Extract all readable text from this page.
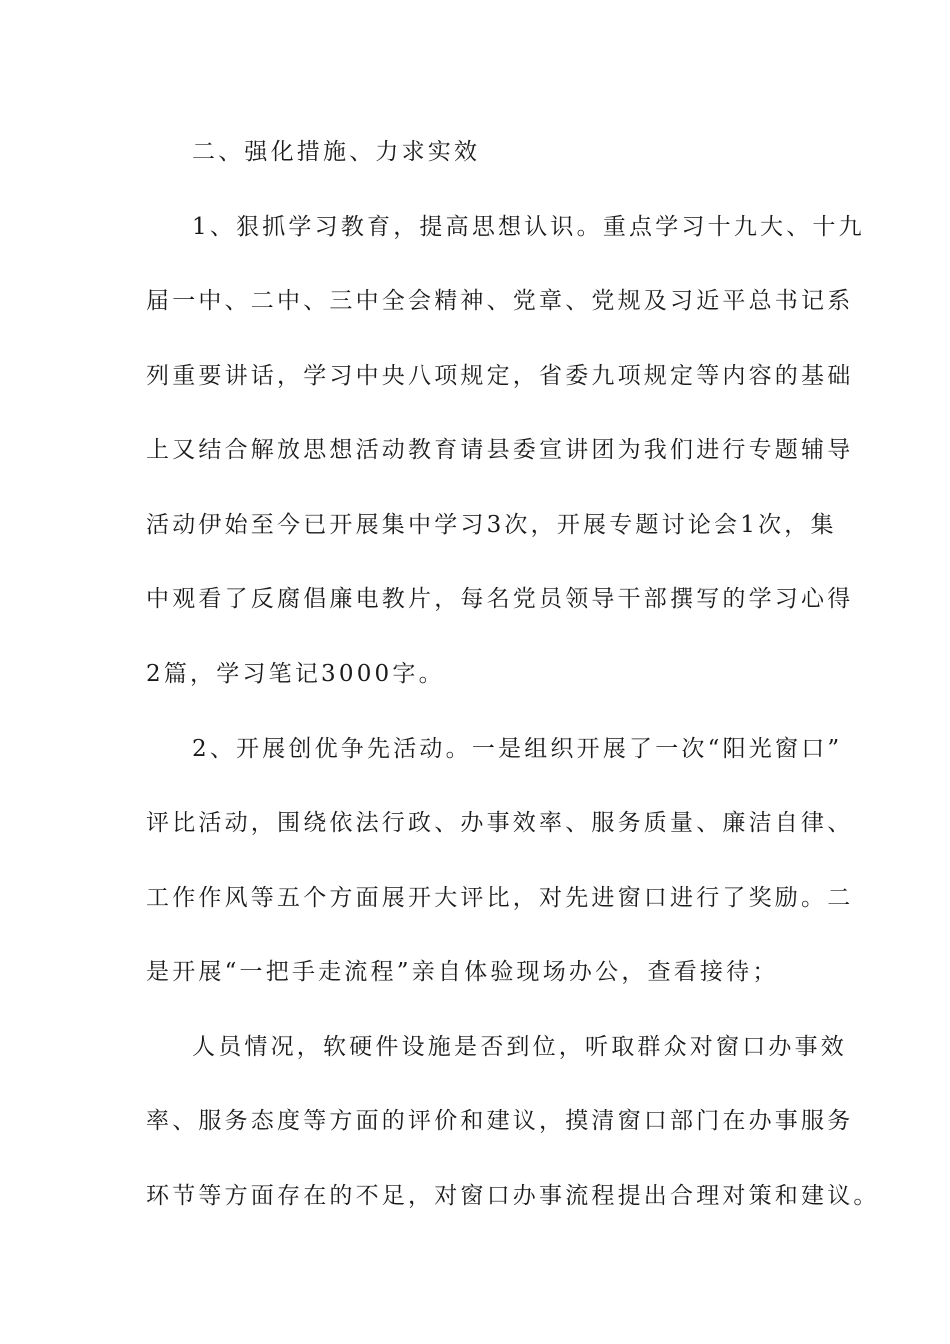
二、强化措施、力求实效
1、狠抓学习教育，提高思想认识。重点学习十九大、十九
届一中、二中、三中全会精神、党章、党规及习近平总书记系
列重要讲话，学习中央八项规定，省委九项规定等内容的基础
上又结合解放思想活动教育请县委宣讲团为我们进行专题辅导
活动伊始至今已开展集中学习3次，开展专题讨论会1次，集
中观看了反腐倡廉电教片，每名党员领导干部撰写的学习心得
2篇，学习笔记3000字。
2、开展创优争先活动。一是组织开展了一次“阳光窗口”
评比活动，围绕依法行政、办事效率、服务质量、廉洁自律、
工作作风等五个方面展开大评比，对先进窗口进行了奖励。二
是开展“一把手走流程”亲自体验现场办公，查看接待；
人员情况，软硬件设施是否到位，听取群众对窗口办事效
率、服务态度等方面的评价和建议，摸清窗口部门在办事服务
环节等方面存在的不足，对窗口办事流程提出合理对策和建议。
